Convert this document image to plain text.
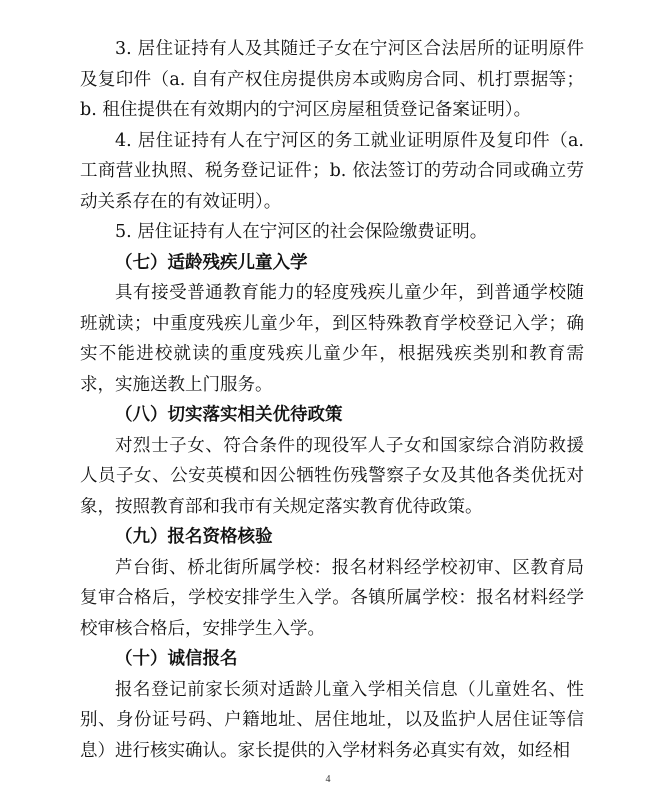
3. 居住证持有人及其随迁子女在宁河区合法居所的证明原件及复印件（a. 自有产权住房提供房本或购房合同、机打票据等；b. 租住提供在有效期内的宁河区房屋租赁登记备案证明）。

4. 居住证持有人在宁河区的务工就业证明原件及复印件（a. 工商营业执照、税务登记证件；b. 依法签订的劳动合同或确立劳动关系存在的有效证明）。

5. 居住证持有人在宁河区的社会保险缴费证明。

（七）适龄残疾儿童入学

具有接受普通教育能力的轻度残疾儿童少年，到普通学校随班就读；中重度残疾儿童少年，到区特殊教育学校登记入学；确实不能进校就读的重度残疾儿童少年，根据残疾类别和教育需求，实施送教上门服务。

（八）切实落实相关优待政策

对烈士子女、符合条件的现役军人子女和国家综合消防救援人员子女、公安英模和因公牺牲伤残警察子女及其他各类优抚对象，按照教育部和我市有关规定落实教育优待政策。

（九）报名资格核验

芦台街、桥北街所属学校：报名材料经学校初审、区教育局复审合格后，学校安排学生入学。各镇所属学校：报名材料经学校审核合格后，安排学生入学。

（十）诚信报名

报名登记前家长须对适龄儿童入学相关信息（儿童姓名、性别、身份证号码、户籍地址、居住地址，以及监护人居住证等信息）进行核实确认。家长提供的入学材料务必真实有效，如经相

4
